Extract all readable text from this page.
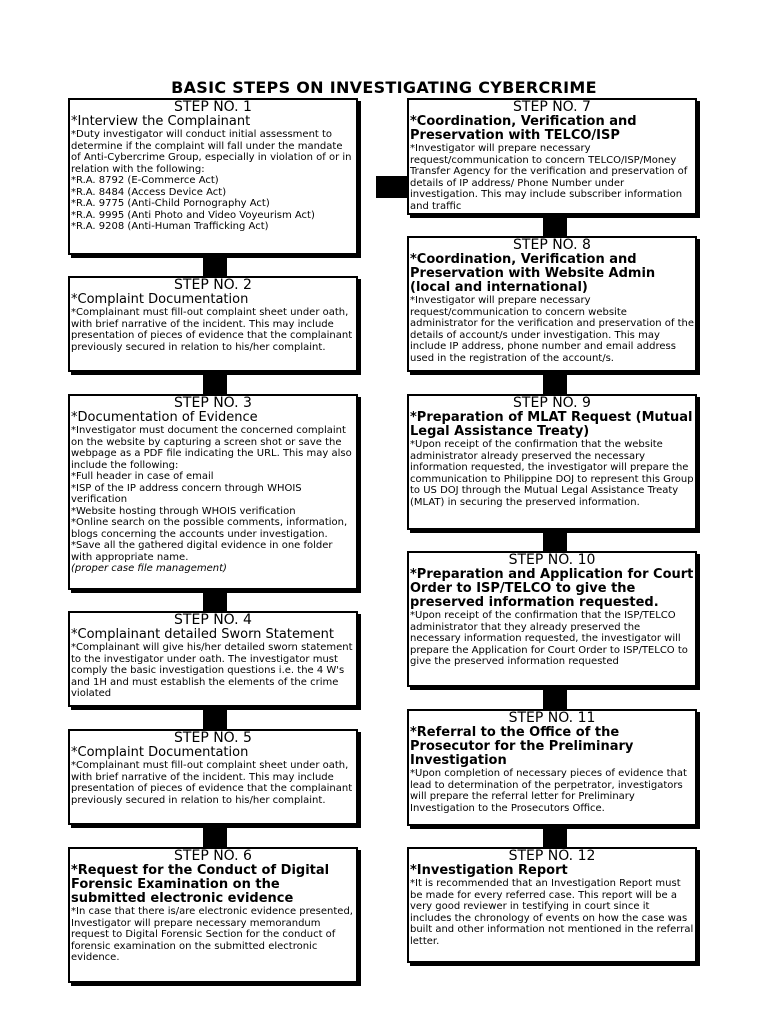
BASIC STEPS ON INVESTIGATING CYBERCRIME
STEP NO. 1
*Interview the Complainant
*Duty investigator will conduct initial assessment to determine if the complaint will fall under the mandate of Anti-Cybercrime Group, especially in violation of or in relation with the following:
*R.A. 8792 (E-Commerce Act)
*R.A. 8484 (Access Device Act)
*R.A. 9775 (Anti-Child Pornography Act)
*R.A. 9995 (Anti Photo and Video Voyeurism Act)
*R.A. 9208 (Anti-Human Trafficking Act)
STEP NO. 2
*Complaint Documentation
*Complainant must fill-out complaint sheet under oath, with brief narrative of the incident. This may include presentation of pieces of evidence that the complainant previously secured in relation to his/her complaint.
STEP NO. 3
*Documentation of Evidence
*Investigator must document the concerned complaint on the website by capturing a screen shot or save the webpage as a PDF file indicating the URL. This may also include the following:
*Full header in case of email
*ISP of the IP address concern through WHOIS verification
*Website hosting through WHOIS verification
*Online search on the possible comments, information, blogs concerning the accounts under investigation.
*Save all the gathered digital evidence in one folder with appropriate name.
(proper case file management)
STEP NO. 4
*Complainant detailed Sworn Statement
*Complainant will give his/her detailed sworn statement to the investigator under oath. The investigator must comply the basic investigation questions i.e. the 4 W's and 1H and must establish the elements of the crime violated
STEP NO. 5
*Complaint Documentation
*Complainant must fill-out complaint sheet under oath, with brief narrative of the incident. This may include presentation of pieces of evidence that the complainant previously secured in relation to his/her complaint.
STEP NO. 6
*Request for the Conduct of Digital Forensic Examination on the submitted electronic evidence
*In case that there is/are electronic evidence presented, Investigator will prepare necessary memorandum request to Digital Forensic Section for the conduct of forensic examination on the submitted electronic evidence.
STEP NO. 7
*Coordination, Verification and Preservation with TELCO/ISP
*Investigator will prepare necessary request/communication to concern TELCO/ISP/Money Transfer Agency for the verification and preservation of details of IP address/ Phone Number under investigation. This may include subscriber information and traffic
STEP NO. 8
*Coordination, Verification and Preservation with Website Admin (local and international)
*Investigator will prepare necessary request/communication to concern website administrator for the verification and preservation of the details of account/s under investigation. This may include IP address, phone number and email address used in the registration of the account/s.
STEP NO. 9
*Preparation of MLAT Request (Mutual Legal Assistance Treaty)
*Upon receipt of the confirmation that the website administrator already preserved the necessary information requested, the investigator will prepare the communication to Philippine DOJ to represent this Group to US DOJ through the Mutual Legal Assistance Treaty (MLAT) in securing the preserved information.
STEP NO. 10
*Preparation and Application for Court Order to ISP/TELCO to give the preserved information requested.
*Upon receipt of the confirmation that the ISP/TELCO administrator that they already preserved the necessary information requested, the investigator will prepare the Application for Court Order to ISP/TELCO to give the preserved information requested
STEP NO. 11
*Referral to the Office of the Prosecutor for the Preliminary Investigation
*Upon completion of necessary pieces of evidence that lead to determination of the perpetrator, investigators will prepare the referral letter for Preliminary Investigation to the Prosecutors Office.
STEP NO. 12
*Investigation Report
*It is recommended that an Investigation Report must be made for every referred case. This report will be a very good reviewer in testifying in court since it includes the chronology of events on how the case was built and other information not mentioned in the referral letter.
